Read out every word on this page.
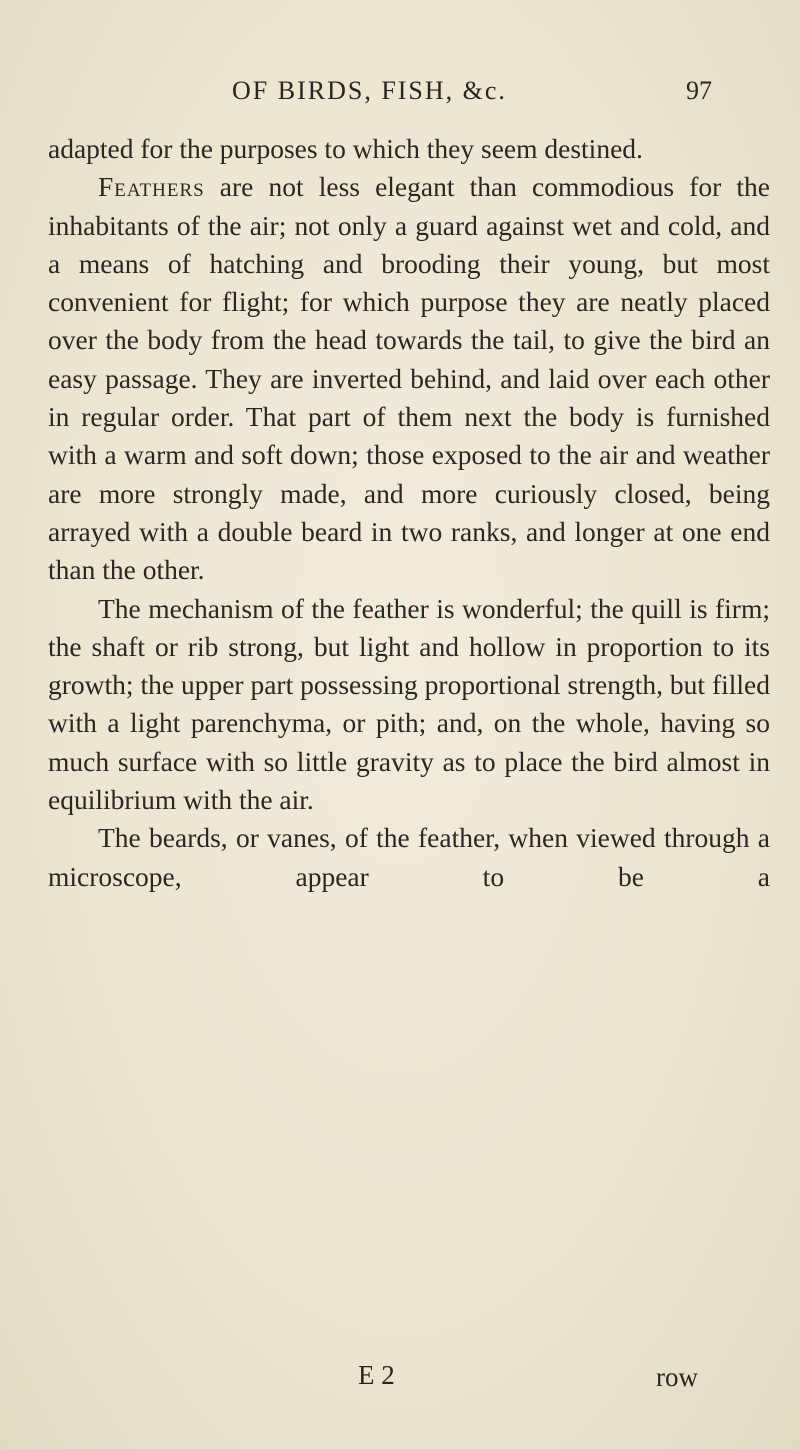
OF BIRDS, FISH, &c.	97

adapted for the purposes to which they seem destined.

Feathers are not less elegant than commodious for the inhabitants of the air; not only a guard against wet and cold, and a means of hatching and brooding their young, but most convenient for flight; for which purpose they are neatly placed over the body from the head towards the tail, to give the bird an easy passage. They are inverted behind, and laid over each other in regular order. That part of them next the body is furnished with a warm and soft down; those exposed to the air and weather are more strongly made, and more curiously closed, being arrayed with a double beard in two ranks, and longer at one end than the other.

The mechanism of the feather is wonderful; the quill is firm; the shaft or rib strong, but light and hollow in proportion to its growth; the upper part possessing proportional strength, but filled with a light parenchyma, or pith; and, on the whole, having so much surface with so little gravity as to place the bird almost in equilibrium with the air.

The beards, or vanes, of the feather, when viewed through a microscope, appear to be a

E 2	row
